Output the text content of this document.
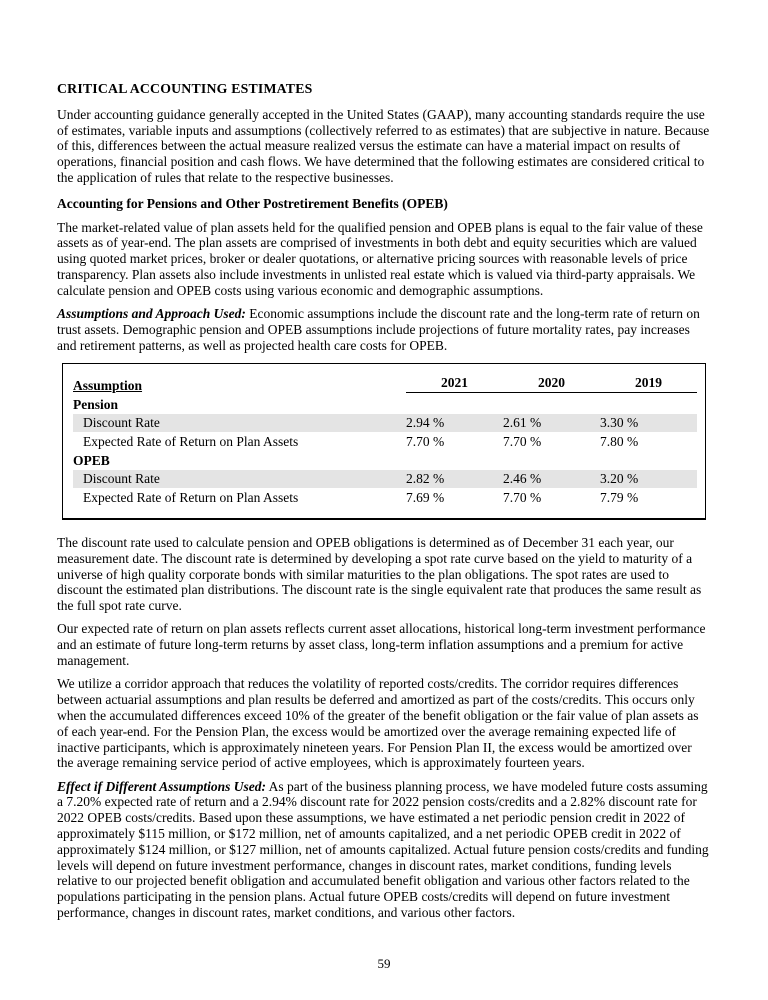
CRITICAL ACCOUNTING ESTIMATES

Under accounting guidance generally accepted in the United States (GAAP), many accounting standards require the use of estimates, variable inputs and assumptions (collectively referred to as estimates) that are subjective in nature. Because of this, differences between the actual measure realized versus the estimate can have a material impact on results of operations, financial position and cash flows. We have determined that the following estimates are considered critical to the application of rules that relate to the respective businesses.

Accounting for Pensions and Other Postretirement Benefits (OPEB)

The market-related value of plan assets held for the qualified pension and OPEB plans is equal to the fair value of these assets as of year-end. The plan assets are comprised of investments in both debt and equity securities which are valued using quoted market prices, broker or dealer quotations, or alternative pricing sources with reasonable levels of price transparency. Plan assets also include investments in unlisted real estate which is valued via third-party appraisals. We calculate pension and OPEB costs using various economic and demographic assumptions.

Assumptions and Approach Used: Economic assumptions include the discount rate and the long-term rate of return on trust assets. Demographic pension and OPEB assumptions include projections of future mortality rates, pay increases and retirement patterns, as well as projected health care costs for OPEB.

Assumption	2021	2020	2019

Pension			
Discount Rate	2.94 %	2.61 %	3.30 %
Expected Rate of Return on Plan Assets	7.70 %	7.70 %	7.80 %
OPEB			
Discount Rate	2.82 %	2.46 %	3.20 %
Expected Rate of Return on Plan Assets	7.69 %	7.70 %	7.79 %

The discount rate used to calculate pension and OPEB obligations is determined as of December 31 each year, our measurement date. The discount rate is determined by developing a spot rate curve based on the yield to maturity of a universe of high quality corporate bonds with similar maturities to the plan obligations. The spot rates are used to discount the estimated plan distributions. The discount rate is the single equivalent rate that produces the same result as the full spot rate curve.

Our expected rate of return on plan assets reflects current asset allocations, historical long-term investment performance and an estimate of future long-term returns by asset class, long-term inflation assumptions and a premium for active management.

We utilize a corridor approach that reduces the volatility of reported costs/credits. The corridor requires differences between actuarial assumptions and plan results be deferred and amortized as part of the costs/credits. This occurs only when the accumulated differences exceed 10% of the greater of the benefit obligation or the fair value of plan assets as of each year-end. For the Pension Plan, the excess would be amortized over the average remaining expected life of inactive participants, which is approximately nineteen years. For Pension Plan II, the excess would be amortized over the average remaining service period of active employees, which is approximately fourteen years.

Effect if Different Assumptions Used: As part of the business planning process, we have modeled future costs assuming a 7.20% expected rate of return and a 2.94% discount rate for 2022 pension costs/credits and a 2.82% discount rate for 2022 OPEB costs/credits. Based upon these assumptions, we have estimated a net periodic pension credit in 2022 of approximately $115 million, or $172 million, net of amounts capitalized, and a net periodic OPEB credit in 2022 of approximately $124 million, or $127 million, net of amounts capitalized. Actual future pension costs/credits and funding levels will depend on future investment performance, changes in discount rates, market conditions, funding levels relative to our projected benefit obligation and accumulated benefit obligation and various other factors related to the populations participating in the pension plans. Actual future OPEB costs/credits will depend on future investment performance, changes in discount rates, market conditions, and various other factors.

59
